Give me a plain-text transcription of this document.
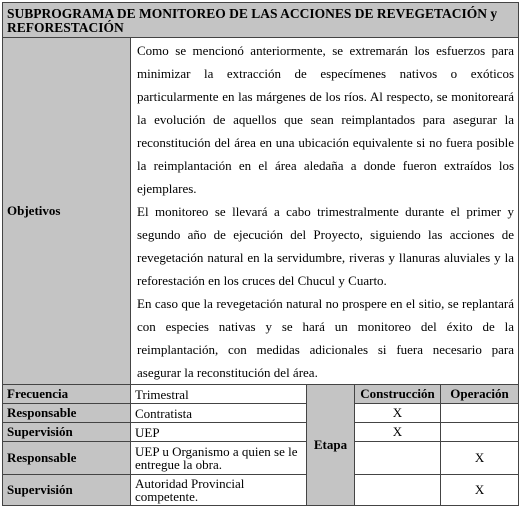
SUBPROGRAMA DE MONITOREO DE LAS ACCIONES DE REVEGETACIÓN y
REFORESTACIÓN				
Objetivos	Como se mencionó anteriormente, se extremarán los esfuerzos para minimizar la extracción de especímenes nativos o exóticos particularmente en las márgenes de los ríos. Al respecto, se monitoreará la evolución de aquellos que sean reimplantados para asegurar la reconstitución del área en una ubicación equivalente si no fuera posible la reimplantación en el área aledaña a donde fueron extraídos los ejemplares.

El monitoreo se llevará a cabo trimestralmente durante el primer y segundo año de ejecución del Proyecto, siguiendo las acciones de revegetación natural en la servidumbre, riveras y llanuras aluviales y la reforestación en los cruces del Chucul y Cuarto.

En caso que la revegetación natural no prospere en el sitio, se replantará con especies nativas y se hará un monitoreo del éxito de la reimplantación, con medidas adicionales si fuera necesario para asegurar la reconstitución del área.			

Frecuencia	Trimestral	Etapa	Construcción	Operación
Responsable	Contratista		X	
Supervisión	UEP		X	
Responsable	UEP u Organismo a quien se le entregue la obra.			X
Supervisión	Autoridad Provincial competente.			X
